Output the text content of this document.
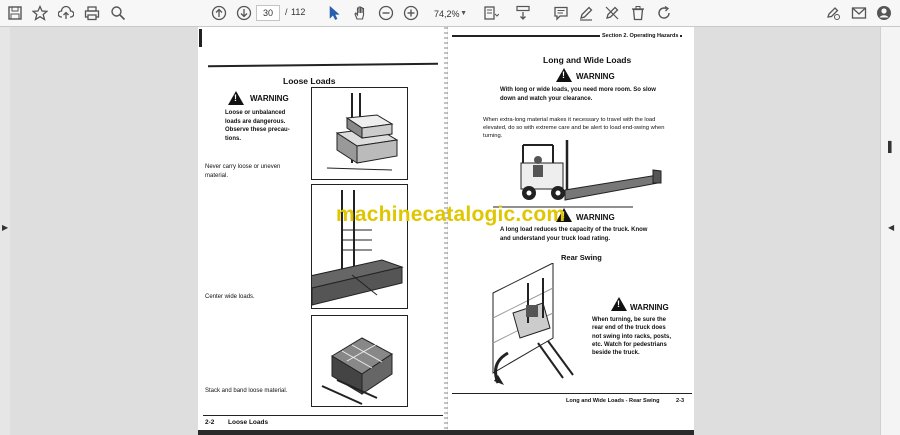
30	/ 112	74,2% ▼
▶
▌
◀
Loose Loads
!
WARNING
Loose or unbalanced
loads are dangerous.
Observe these precau-
tions.
Never carry loose or uneven
material.
Center wide loads.
Stack and band loose material.
2-2 Loose Loads
Section 2. Operating Hazards
Long and Wide Loads
!
WARNING
With long or wide loads, you need more room. So slow
down and watch your clearance.
When extra-long material makes it necessary to travel with the load
elevated, do so with extreme care and be alert to load end-swing when
turning.
!
WARNING
A long load reduces the capacity of the truck. Know
and understand your truck load rating.
Rear Swing
!
WARNING
When turning, be sure the
rear end of the truck does
not swing into racks, posts,
etc. Watch for pedestrians
beside the truck.
Long and Wide Loads - Rear Swing	2-3
machinecatalogic.com
